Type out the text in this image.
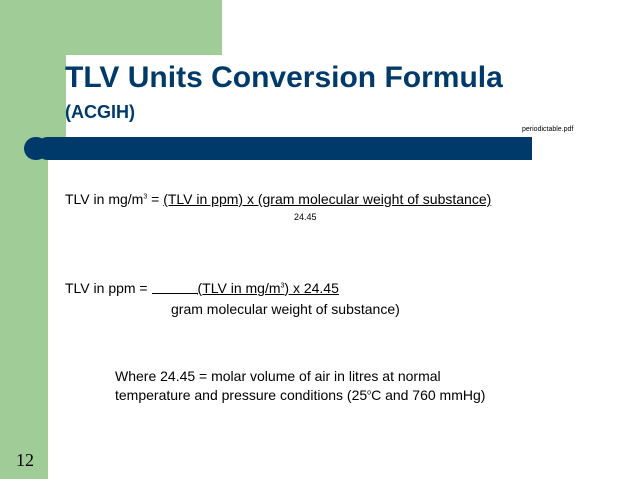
TLV Units Conversion Formula
(ACGIH)
periodictable.pdf
TLV in $mg/m^3 = (TLV$ in ppm) x (gram molecular weight of substance)
24.45
TLV in ppm =	(TLV in $mg/m^3$) x 24.45
gram molecular weight of substance)
Where 24.45 = molar volume of air in litres at normal
temperature and pressure conditions (25$^o$C and 760 mmHg)
12
